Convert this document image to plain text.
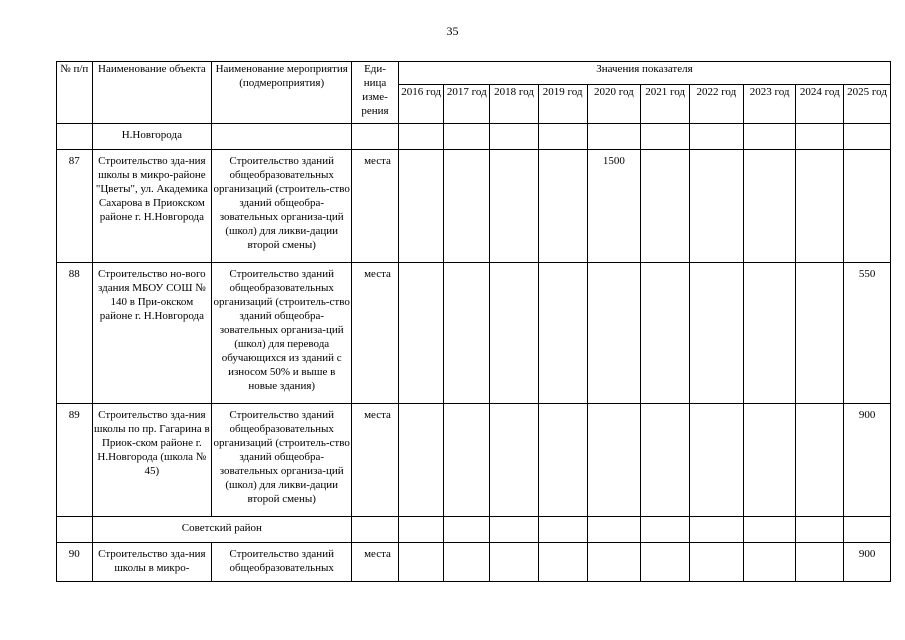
35
№ п/п	Наименование объекта	Наименование мероприятия (подмероприятия)	Еди-ница изме-рения	Значения показателя									
				2016 год	2017 год	2018 год	2019 год	2020 год	2021 год	2022 год	2023 год	2024 год	2025 год
	Н.Новгорода												
87	Строительство зда-ния школы в микро-районе "Цветы", ул. Академика Сахарова в Приокском районе г. Н.Новгорода	Строительство зданий общеобразовательных организаций (строитель-ство зданий общеобра-зовательных организа-ций (школ) для ликви-дации второй смены)	места					1500					
88	Строительство но-вого здания МБОУ СОШ № 140 в При-окском районе г. Н.Новгорода	Строительство зданий общеобразовательных организаций (строитель-ство зданий общеобра-зовательных организа-ций (школ) для перевода обучающихся из зданий с износом 50% и выше в новые здания)	места										550
89	Строительство зда-ния школы по пр. Гагарина в Приок-ском районе г. Н.Новгорода (школа № 45)	Строительство зданий общеобразовательных организаций (строитель-ство зданий общеобра-зовательных организа-ций (школ) для ликви-дации второй смены)	места										900
	Советский район												
90	Строительство зда-ния школы в микро-	Строительство зданий общеобразовательных	места										900
